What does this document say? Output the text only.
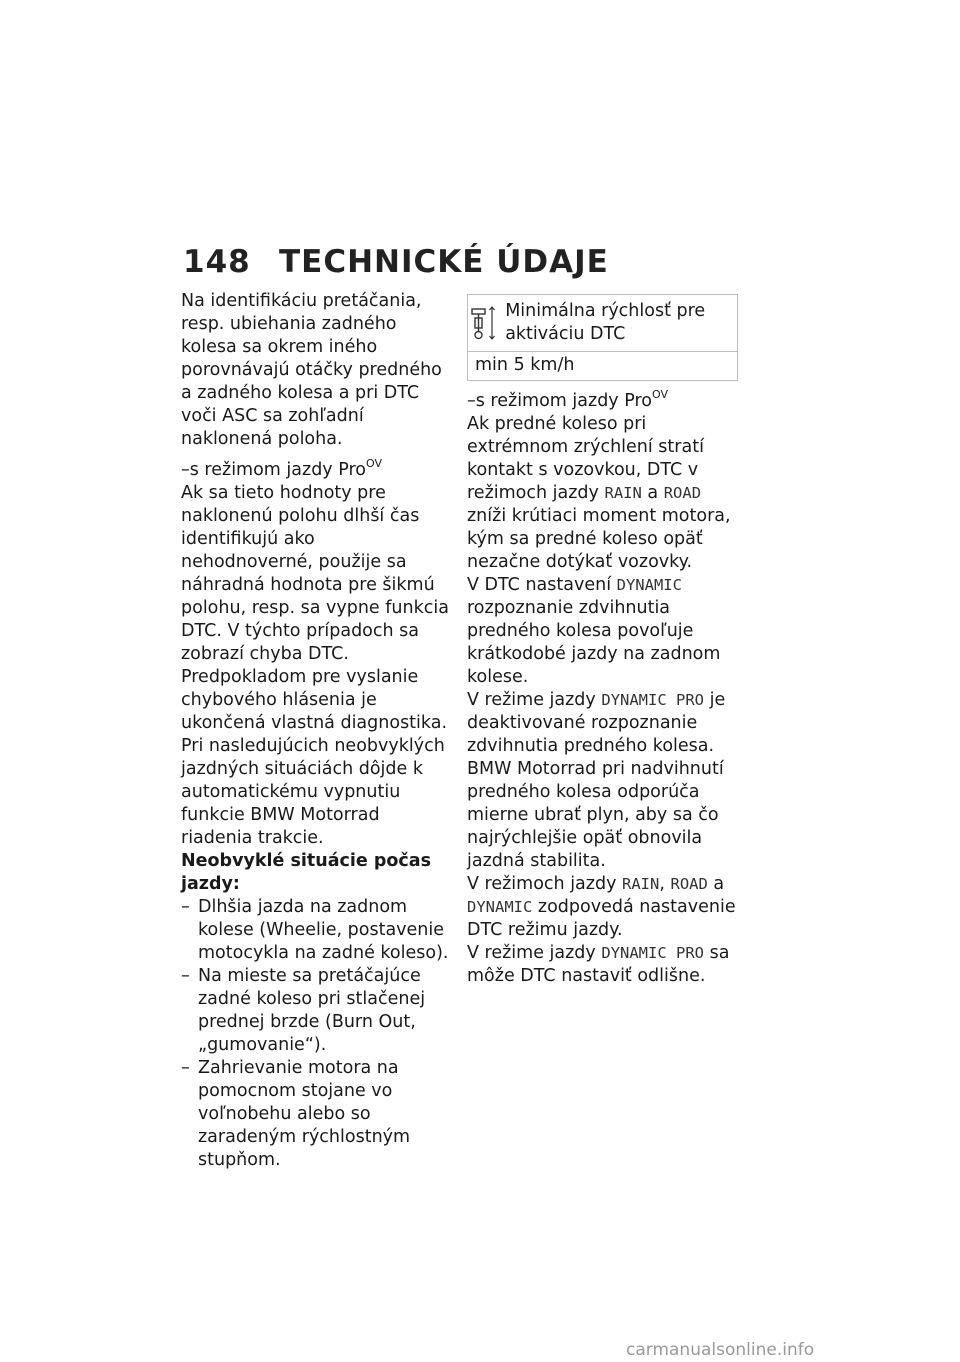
148 TECHNICKÉ ÚDAJE

Na identifikáciu pretáčania, resp. ubiehania zadného kolesa sa okrem iného porovnávajú otáčky predného a zadného kolesa a pri DTC voči ASC sa zohľadní naklonená poloha.

–s režimom jazdy Pro$^{OV}$

Ak sa tieto hodnoty pre naklonenú polohu dlhší čas identifikujú ako nehodnoverné, použije sa náhradná hodnota pre šikmú polohu, resp. sa vypne funkcia DTC. V týchto prípadoch sa zobrazí chyba DTC. Predpokladom pre vyslanie chybového hlásenia je ukončená vlastná diagnostika.

Pri nasledujúcich neobvyklých jazdných situáciách dôjde k automatickému vypnutiu funkcie BMW Motorrad riadenia trakcie.

Neobvyklé situácie počas jazdy:

– Dlhšia jazda na zadnom kolese (Wheelie, postavenie motocykla na zadné koleso).
– Na mieste sa pretáčajúce zadné koleso pri stlačenej prednej brzde (Burn Out, „gumovanie“).
– Zahrievanie motora na pomocnom stojane vo voľnobehu alebo so zaradeným rýchlostným stupňom.
Minimálna rýchlosť pre aktiváciu DTC
min 5 km/h

–s režimom jazdy Pro$^{OV}$

Ak predné koleso pri extrémnom zrýchlení stratí kontakt s vozovkou, DTC v režimoch jazdy RAIN a ROAD zníži krútiaci moment motora, kým sa predné koleso opäť nezačne dotýkať vozovky.

V DTC nastavení DYNAMIC rozpoznanie zdvihnutia predného kolesa povoľuje krátkodobé jazdy na zadnom kolese.

V režime jazdy DYNAMIC PRO je deaktivované rozpoznanie zdvihnutia predného kolesa. BMW Motorrad pri nadvihnutí predného kolesa odporúča mierne ubrať plyn, aby sa čo najrýchlejšie opäť obnovila jazdná stabilita.

V režimoch jazdy RAIN, ROAD a DYNAMIC zodpovedá nastavenie DTC režimu jazdy.

V režime jazdy DYNAMIC PRO sa môže DTC nastaviť odlišne.

carmanualsonline.info
